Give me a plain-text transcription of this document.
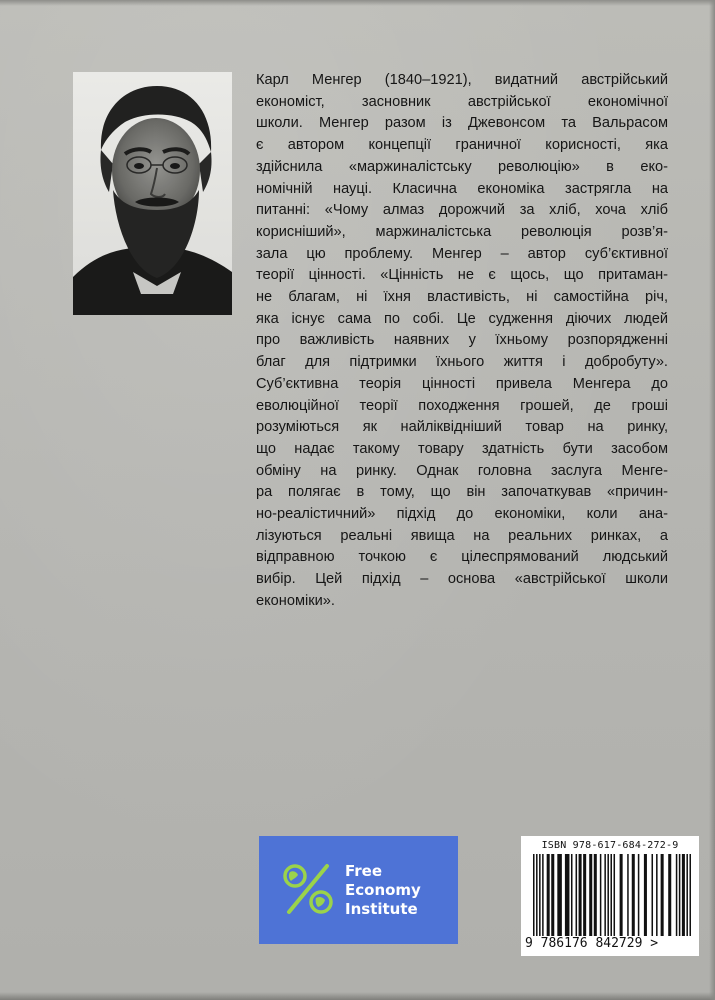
Карл Менгер (1840–1921), видатний австрійський
економіст, засновник австрійської економічної
школи. Менгер разом із Джевонсом та Вальрасом
є автором концепції граничної корисності, яка
здійснила «маржиналістську революцію» в еко-
номічній науці. Класична економіка застрягла на
питанні: «Чому алмаз дорожчий за хліб, хоча хліб
корисніший», маржиналістська революція розв’я-
зала цю проблему. Менгер – автор суб’єктивної
теорії цінності. «Цінність не є щось, що притаман-
не благам, ні їхня властивість, ні самостійна річ,
яка існує сама по собі. Це судження діючих людей
про важливість наявних у їхньому розпорядженні
благ для підтримки їхнього життя і добробуту».
Суб’єктивна теорія цінності привела Менгера до
еволюційної теорії походження грошей, де гроші
розуміються як найліквідніший товар на ринку,
що надає такому товару здатність бути засобом
обміну на ринку. Однак головна заслуга Менге-
ра полягає в тому, що він започаткував «причин-
но-реалістичний» підхід до економіки, коли ана-
лізуються реальні явища на реальних ринках, а
відправною точкою є цілеспрямований людський
вибір. Цей підхід – основа «австрійської школи
економіки».

Free
Economy
Institute
ISBN 978-617-684-272-9
9 786176 842729 >
